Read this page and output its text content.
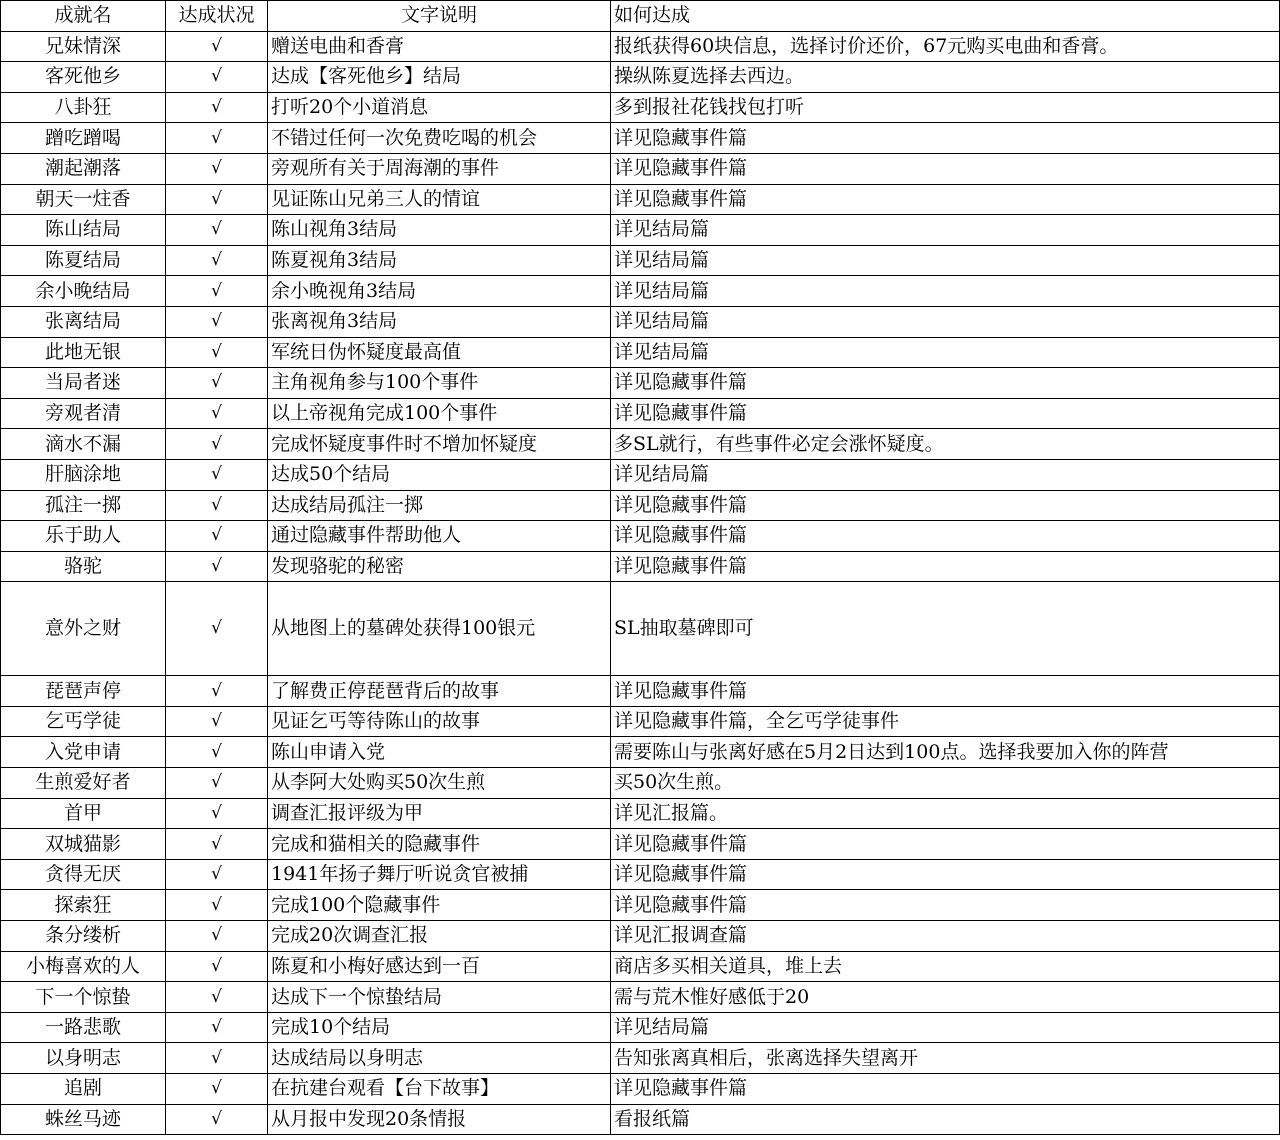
成就名	达成状况	文字说明	如何达成
兄妹情深	√	赠送电曲和香膏	报纸获得60块信息，选择讨价还价，67元购买电曲和香膏。
客死他乡	√	达成【客死他乡】结局	操纵陈夏选择去西边。
八卦狂	√	打听20个小道消息	多到报社花钱找包打听
蹭吃蹭喝	√	不错过任何一次免费吃喝的机会	详见隐藏事件篇
潮起潮落	√	旁观所有关于周海潮的事件	详见隐藏事件篇
朝天一炷香	√	见证陈山兄弟三人的情谊	详见隐藏事件篇
陈山结局	√	陈山视角3结局	详见结局篇
陈夏结局	√	陈夏视角3结局	详见结局篇
余小晚结局	√	余小晚视角3结局	详见结局篇
张离结局	√	张离视角3结局	详见结局篇
此地无银	√	军统日伪怀疑度最高值	详见结局篇
当局者迷	√	主角视角参与100个事件	详见隐藏事件篇
旁观者清	√	以上帝视角完成100个事件	详见隐藏事件篇
滴水不漏	√	完成怀疑度事件时不增加怀疑度	多SL就行，有些事件必定会涨怀疑度。
肝脑涂地	√	达成50个结局	详见结局篇
孤注一掷	√	达成结局孤注一掷	详见隐藏事件篇
乐于助人	√	通过隐藏事件帮助他人	详见隐藏事件篇
骆驼	√	发现骆驼的秘密	详见隐藏事件篇
意外之财	√	从地图上的墓碑处获得100银元	SL抽取墓碑即可
琵琶声停	√	了解费正停琵琶背后的故事	详见隐藏事件篇
乞丐学徒	√	见证乞丐等待陈山的故事	详见隐藏事件篇，全乞丐学徒事件
入党申请	√	陈山申请入党	需要陈山与张离好感在5月2日达到100点。选择我要加入你的阵营
生煎爱好者	√	从李阿大处购买50次生煎	买50次生煎。
首甲	√	调查汇报评级为甲	详见汇报篇。
双城猫影	√	完成和猫相关的隐藏事件	详见隐藏事件篇
贪得无厌	√	1941年扬子舞厅听说贪官被捕	详见隐藏事件篇
探索狂	√	完成100个隐藏事件	详见隐藏事件篇
条分缕析	√	完成20次调查汇报	详见汇报调查篇
小梅喜欢的人	√	陈夏和小梅好感达到一百	商店多买相关道具，堆上去
下一个惊蛰	√	达成下一个惊蛰结局	需与荒木惟好感低于20
一路悲歌	√	完成10个结局	详见结局篇
以身明志	√	达成结局以身明志	告知张离真相后，张离选择失望离开
追剧	√	在抗建台观看【台下故事】	详见隐藏事件篇
蛛丝马迹	√	从月报中发现20条情报	看报纸篇
